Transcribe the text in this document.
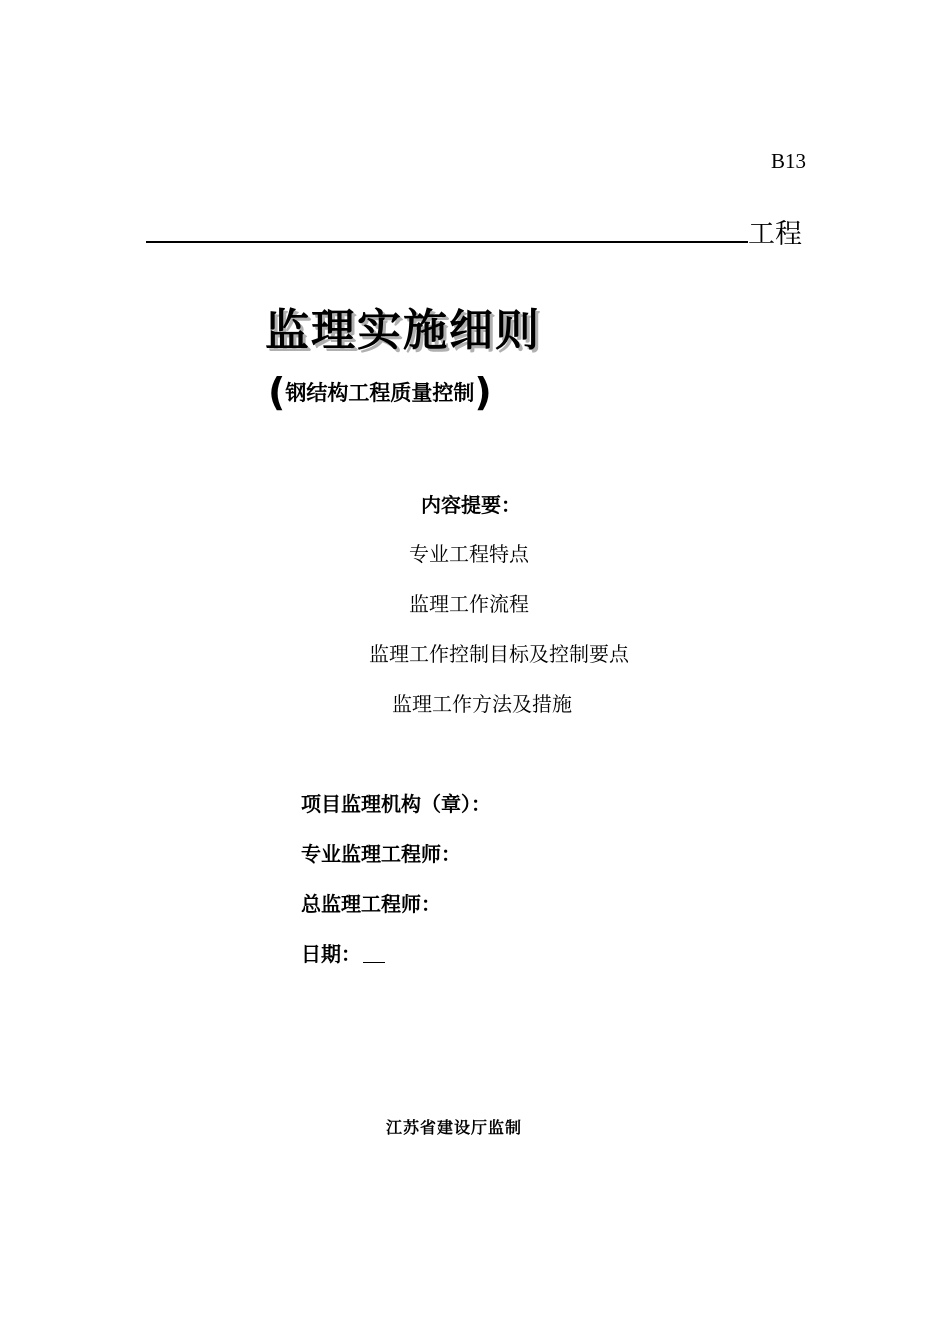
B13
工程
监理实施细则
(钢结构工程质量控制)
内容提要：
专业工程特点
监理工作流程
监理工作控制目标及控制要点
监理工作方法及措施
项目监理机构（章）：
专业监理工程师：
总监理工程师：
日期：
江苏省建设厅监制
